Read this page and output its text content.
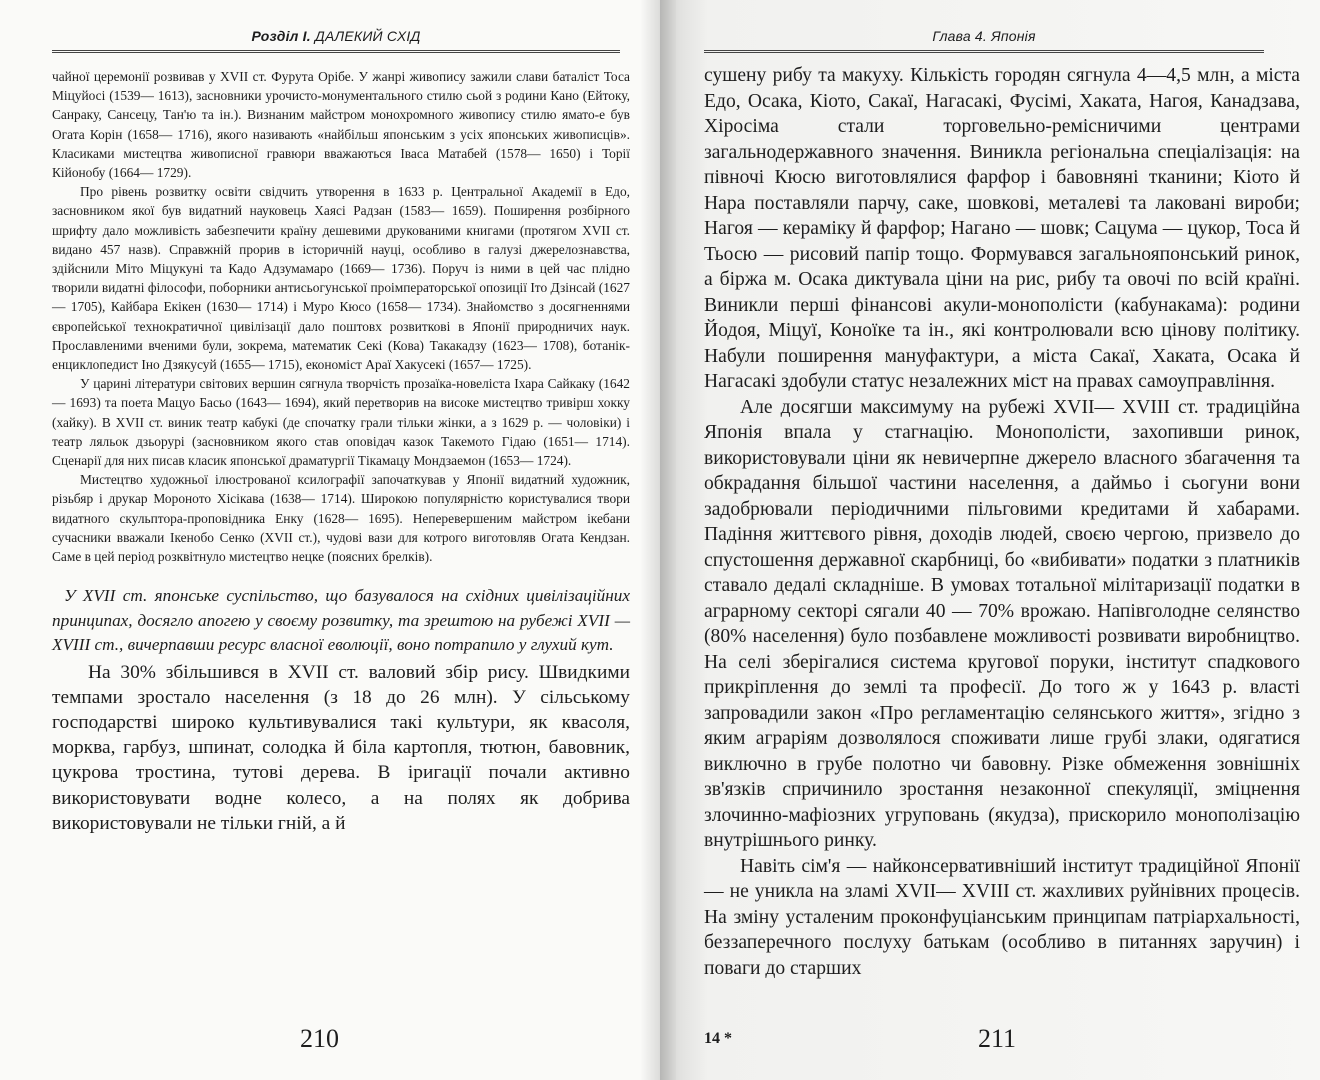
Розділ І. ДАЛЕКИЙ СХІД

чайної церемонії розвивав у XVII ст. Фурута Орібе. У жанрі живопису зажили слави баталіст Тоса Міцуйосі (1539— 1613), засновники урочисто-монументального стилю сьой з родини Кано (Ейтоку, Санраку, Сансецу, Тан'ю та ін.). Визнаним майстром монохромного живопису стилю ямато-е був Огата Корін (1658— 1716), якого називають «найбільш японським з усіх японських живописців». Класиками мистецтва живописної гравюри вважаються Іваса Матабей (1578— 1650) і Торії Кійонобу (1664— 1729).

Про рівень розвитку освіти свідчить утворення в 1633 р. Центральної Академії в Едо, засновником якої був видатний науковець Хаясі Радзан (1583— 1659). Поширення розбірного шрифту дало можливість забезпечити країну дешевими друкованими книгами (протягом XVII ст. видано 457 назв). Справжній прорив в історичній науці, особливо в галузі джерелознавства, здійснили Міто Міцукуні та Кадо Адзумамаро (1669— 1736). Поруч із ними в цей час плідно творили видатні філософи, поборники антисьогунської проімператорської опозиції Іто Дзінсай (1627— 1705), Кайбара Екікен (1630— 1714) і Муро Кюсо (1658— 1734). Знайомство з досягненнями європейської технократичної цивілізації дало поштовх розвиткові в Японії природничих наук. Прославленими вченими були, зокрема, математик Секі (Кова) Такакадзу (1623— 1708), ботанік-енциклопедист Іно Дзякусуй (1655— 1715), економіст Араї Хакусекі (1657— 1725).

У царині літератури світових вершин сягнула творчість прозаїка-новеліста Іхара Сайкаку (1642— 1693) та поета Мацуо Басьо (1643— 1694), який перетворив на високе мистецтво тривірш хокку (хайку). В XVII ст. виник театр кабукі (де спочатку грали тільки жінки, а з 1629 р. — чоловіки) і театр ляльок дзьорурі (засновником якого став оповідач казок Такемото Гідаю (1651— 1714). Сценарії для них писав класик японської драматургії Тікамацу Мондзаемон (1653— 1724).

Мистецтво художньої ілюстрованої ксилографії започаткував у Японії видатний художник, різьбяр і друкар Мороното Хісікава (1638— 1714). Широкою популярністю користувалися твори видатного скульптора-проповідника Енку (1628— 1695). Неперевершеним майстром ікебани сучасники вважали Ікенобо Сенко (XVII ст.), чудові вази для котрого виготовляв Огата Кендзан. Саме в цей період розквітнуло мистецтво нецке (поясних брелків).

У XVII ст. японське суспільство, що базувалося на східних цивілізаційних принципах, досягло апогею у своєму розвитку, та зрештою на рубежі XVII — XVIII ст., вичерпавши ресурс власної еволюції, воно потрапило у глухий кут.

На 30% збільшився в XVII ст. валовий збір рису. Швидкими темпами зростало населення (з 18 до 26 млн). У сільському господарстві широко культивувалися такі культури, як квасоля, морква, гарбуз, шпинат, солодка й біла картопля, тютюн, бавовник, цукрова тростина, тутові дерева. В іригації почали активно використовувати водне колесо, а на полях як добрива використовували не тільки гній, а й

210
Глава 4. Японія

сушену рибу та макуху. Кількість городян сягнула 4—4,5 млн, а міста Едо, Осака, Кіото, Сакаї, Нагасакі, Фусімі, Хаката, Нагоя, Канадзава, Хіросіма стали торговельно-ремісничими центрами загальнодержавного значення. Виникла регіональна спеціалізація: на півночі Кюсю виготовлялися фарфор і бавовняні тканини; Кіото й Нара поставляли парчу, саке, шовкові, металеві та лаковані вироби; Нагоя — кераміку й фарфор; Нагано — шовк; Сацума — цукор, Тоса й Тьосю — рисовий папір тощо. Формувався загальнояпонський ринок, а біржа м. Осака диктувала ціни на рис, рибу та овочі по всій країні. Виникли перші фінансові акули-монополісти (кабунакама): родини Йодоя, Міцуї, Коноїке та ін., які контролювали всю цінову політику. Набули поширення мануфактури, а міста Сакаї, Хаката, Осака й Нагасакі здобули статус незалежних міст на правах самоуправління.

Але досягши максимуму на рубежі XVII— XVIII ст. традиційна Японія впала у стагнацію. Монополісти, захопивши ринок, використовували ціни як невичерпне джерело власного збагачення та обкрадання більшої частини населення, а даймьо і сьогуни вони задобрювали періодичними пільговими кредитами й хабарами. Падіння життєвого рівня, доходів людей, своєю чергою, призвело до спустошення державної скарбниці, бо «вибивати» податки з платників ставало дедалі складніше. В умовах тотальної мілітаризації податки в аграрному секторі сягали 40 — 70% врожаю. Напівголодне селянство (80% населення) було позбавлене можливості розвивати виробництво. На селі зберігалися система кругової поруки, інститут спадкового прикріплення до землі та професії. До того ж у 1643 р. власті запровадили закон «Про регламентацію селянського життя», згідно з яким аграріям дозволялося споживати лише грубі злаки, одягатися виключно в грубе полотно чи бавовну. Різке обмеження зовнішніх зв'язків спричинило зростання незаконної спекуляції, зміцнення злочинно-мафіозних угруповань (якудза), прискорило монополізацію внутрішнього ринку.

Навіть сім'я — найконсервативніший інститут традиційної Японії — не уникла на зламі XVII— XVIII ст. жахливих руйнівних процесів. На зміну усталеним проконфуціанським принципам патріархальності, беззаперечного послуху батькам (особливо в питаннях заручин) і поваги до старших

14 *	211
